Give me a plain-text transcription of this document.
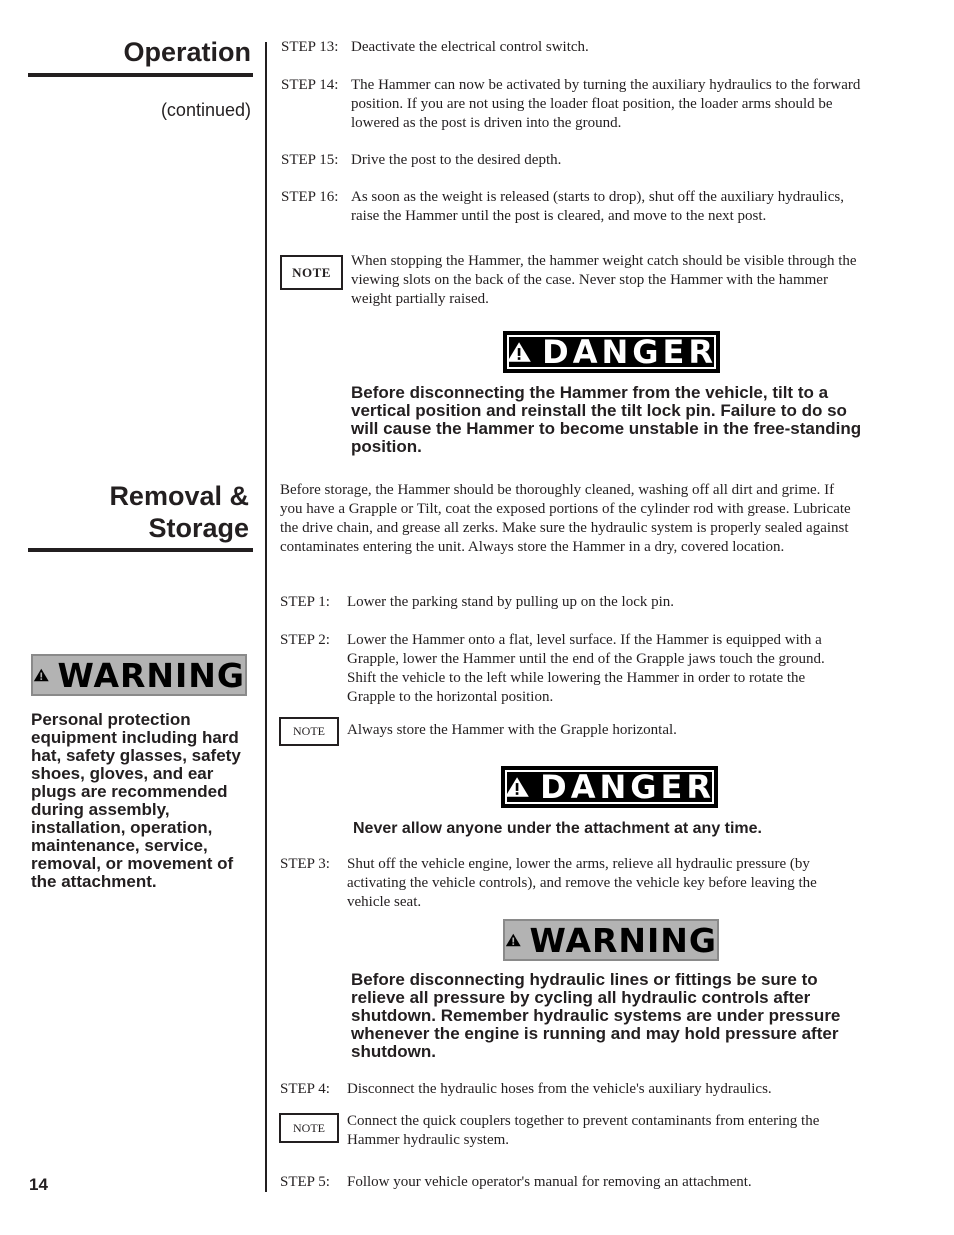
Operation
(continued)
Removal &
Storage
WARNING
Personal protection equipment including hard hat, safety glasses, safety shoes, gloves, and ear plugs are recommended during assembly, installation, operation, maintenance, service, removal, or movement of the attachment.
14
STEP 13: Deactivate the electrical control switch.
STEP 14: The Hammer can now be activated by turning the auxiliary hydraulics to the forward position. If you are not using the loader float position, the loader arms should be lowered as the post is driven into the ground.
STEP 15: Drive the post to the desired depth.
STEP 16: As soon as the weight is released (starts to drop), shut off the auxiliary hydraulics, raise the Hammer until the post is cleared, and move to the next post.
NOTE
When stopping the Hammer, the hammer weight catch should be visible through the viewing slots on the back of the case. Never stop the Hammer with the hammer weight partially raised.
DANGER
Before disconnecting the Hammer from the vehicle, tilt to a vertical position and reinstall the tilt lock pin. Failure to do so will cause the Hammer to become unstable in the free-standing position.
Before storage, the Hammer should be thoroughly cleaned, washing off all dirt and grime. If you have a Grapple or Tilt, coat the exposed portions of the cylinder rod with grease. Lubricate the drive chain, and grease all zerks. Make sure the hydraulic system is properly sealed against contaminates entering the unit. Always store the Hammer in a dry, covered location.
STEP 1: Lower the parking stand by pulling up on the lock pin.
STEP 2: Lower the Hammer onto a flat, level surface. If the Hammer is equipped with a Grapple, lower the Hammer until the end of the Grapple jaws touch the ground. Shift the vehicle to the left while lowering the Hammer in order to rotate the Grapple to the horizontal position.
NOTE Always store the Hammer with the Grapple horizontal.
DANGER
Never allow anyone under the attachment at any time.
STEP 3: Shut off the vehicle engine, lower the arms, relieve all hydraulic pressure (by activating the vehicle controls), and remove the vehicle key before leaving the vehicle seat.
WARNING
Before disconnecting hydraulic lines or fittings be sure to relieve all pressure by cycling all hydraulic controls after shutdown. Remember hydraulic systems are under pressure whenever the engine is running and may hold pressure after shutdown.
STEP 4: Disconnect the hydraulic hoses from the vehicle's auxiliary hydraulics.
NOTE Connect the quick couplers together to prevent contaminants from entering the Hammer hydraulic system.
STEP 5: Follow your vehicle operator's manual for removing an attachment.
